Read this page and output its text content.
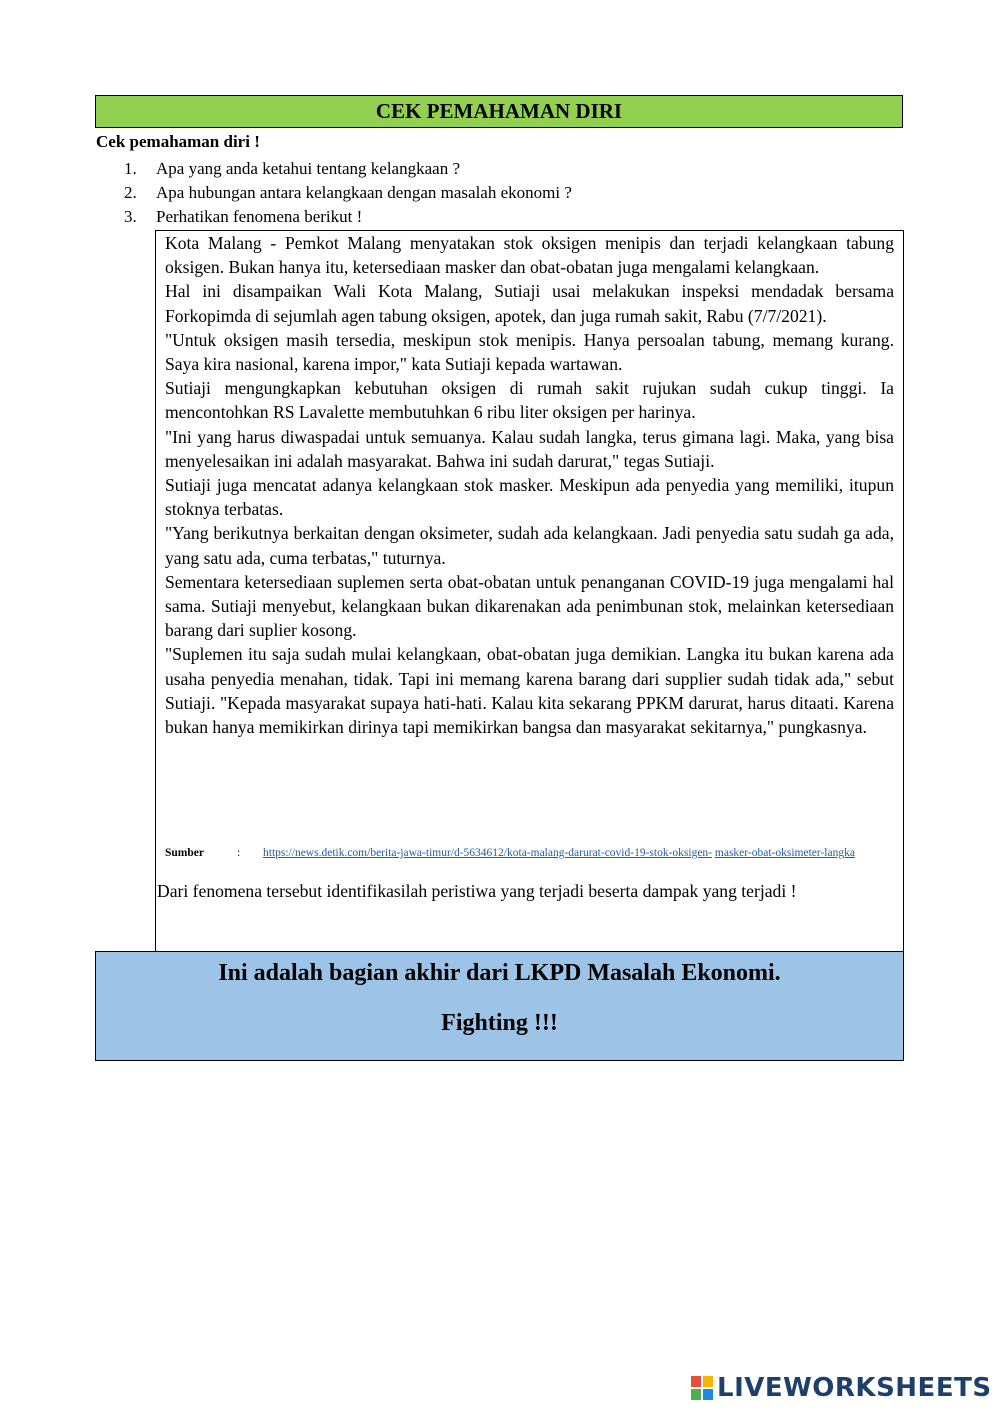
CEK PEMAHAMAN DIRI
Cek pemahaman diri !
1. Apa yang anda ketahui tentang kelangkaan ?
2. Apa hubungan antara kelangkaan dengan masalah ekonomi ?
3. Perhatikan fenomena berikut !

Kota Malang - Pemkot Malang menyatakan stok oksigen menipis dan terjadi kelangkaan tabung oksigen. Bukan hanya itu, ketersediaan masker dan obat-obatan juga mengalami kelangkaan.

Hal ini disampaikan Wali Kota Malang, Sutiaji usai melakukan inspeksi mendadak bersama Forkopimda di sejumlah agen tabung oksigen, apotek, dan juga rumah sakit, Rabu (7/7/2021).

"Untuk oksigen masih tersedia, meskipun stok menipis. Hanya persoalan tabung, memang kurang. Saya kira nasional, karena impor," kata Sutiaji kepada wartawan.

Sutiaji mengungkapkan kebutuhan oksigen di rumah sakit rujukan sudah cukup tinggi. Ia mencontohkan RS Lavalette membutuhkan 6 ribu liter oksigen per harinya.

"Ini yang harus diwaspadai untuk semuanya. Kalau sudah langka, terus gimana lagi. Maka, yang bisa menyelesaikan ini adalah masyarakat. Bahwa ini sudah darurat," tegas Sutiaji.

Sutiaji juga mencatat adanya kelangkaan stok masker. Meskipun ada penyedia yang memiliki, itupun stoknya terbatas.

"Yang berikutnya berkaitan dengan oksimeter, sudah ada kelangkaan. Jadi penyedia satu sudah ga ada, yang satu ada, cuma terbatas," tuturnya.

Sementara ketersediaan suplemen serta obat-obatan untuk penanganan COVID-19 juga mengalami hal sama. Sutiaji menyebut, kelangkaan bukan dikarenakan ada penimbunan stok, melainkan ketersediaan barang dari suplier kosong.

"Suplemen itu saja sudah mulai kelangkaan, obat-obatan juga demikian. Langka itu bukan karena ada usaha penyedia menahan, tidak. Tapi ini memang karena barang dari supplier sudah tidak ada," sebut Sutiaji. "Kepada masyarakat supaya hati-hati. Kalau kita sekarang PPKM darurat, harus ditaati. Karena bukan hanya memikirkan dirinya tapi memikirkan bangsa dan masyarakat sekitarnya," pungkasnya.

Sumber	: https://news.detik.com/berita-jawa-timur/d-5634612/kota-malang-darurat-covid-19-stok-oksigen- masker-obat-oksimeter-langka
Dari fenomena tersebut identifikasilah peristiwa yang terjadi beserta dampak yang terjadi !
Ini adalah bagian akhir dari LKPD Masalah Ekonomi.
Fighting !!!
LIVEWORKSHEETS
